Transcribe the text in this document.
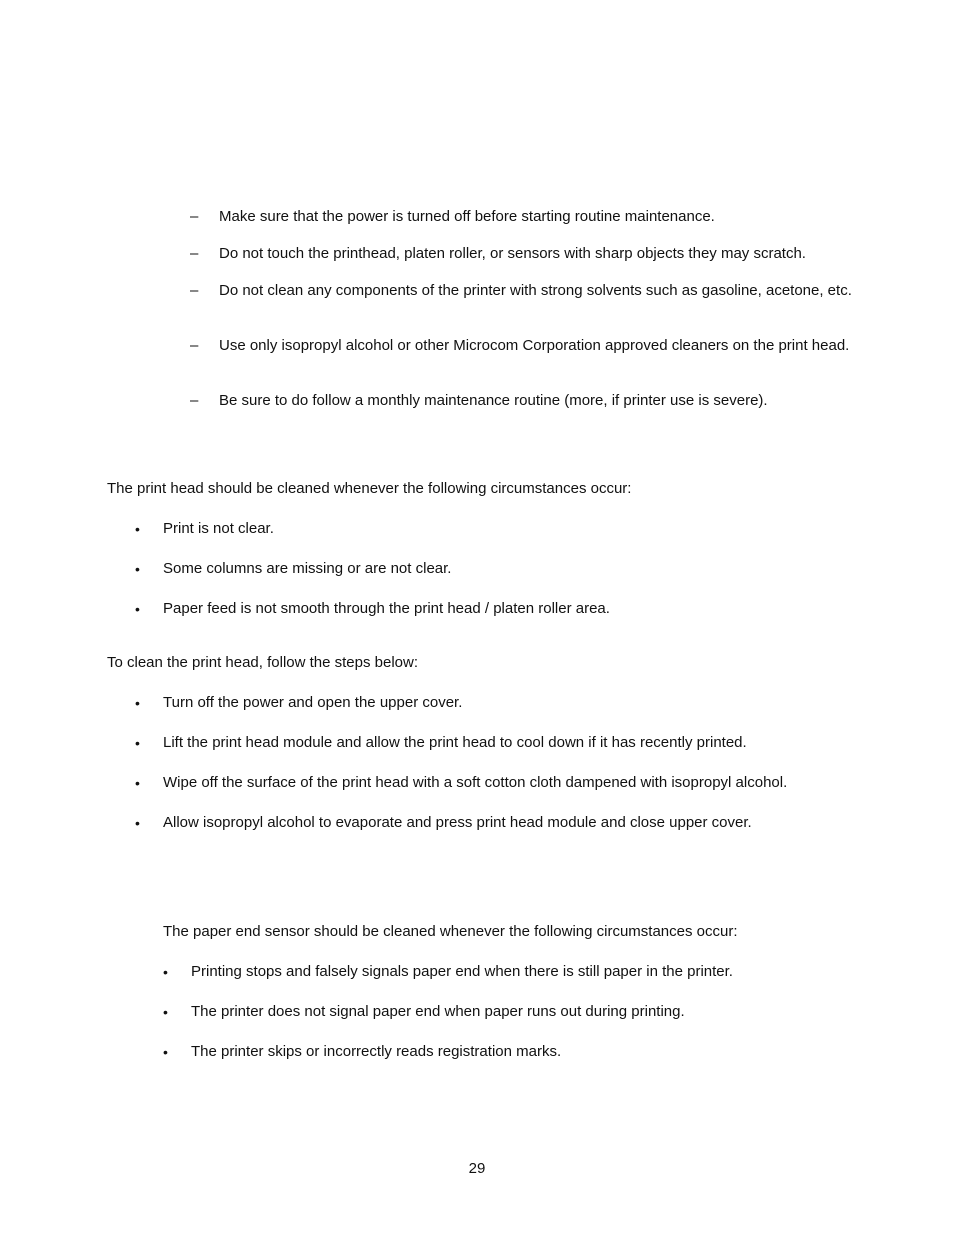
–	Make sure that the power is turned off before starting routine maintenance.
–	Do not touch the printhead, platen roller, or sensors with sharp objects they may scratch.
–	Do not clean any components of the printer with strong solvents such as gasoline, acetone, etc.
–	Use only isopropyl alcohol or other Microcom Corporation approved cleaners on the print head.
–	Be sure to do follow a monthly maintenance routine (more, if printer use is severe).
The print head should be cleaned whenever the following circumstances occur:
• Print is not clear.
• Some columns are missing or are not clear.
• Paper feed is not smooth through the print head / platen roller area.
To clean the print head, follow the steps below:
• Turn off the power and open the upper cover.
• Lift the print head module and allow the print head to cool down if it has recently printed.
• Wipe off the surface of the print head with a soft cotton cloth dampened with isopropyl alcohol.
• Allow isopropyl alcohol to evaporate and press print head module and close upper cover.
The paper end sensor should be cleaned whenever the following circumstances occur:
• Printing stops and falsely signals paper end when there is still paper in the printer.
• The printer does not signal paper end when paper runs out during printing.
• The printer skips or incorrectly reads registration marks.
29
